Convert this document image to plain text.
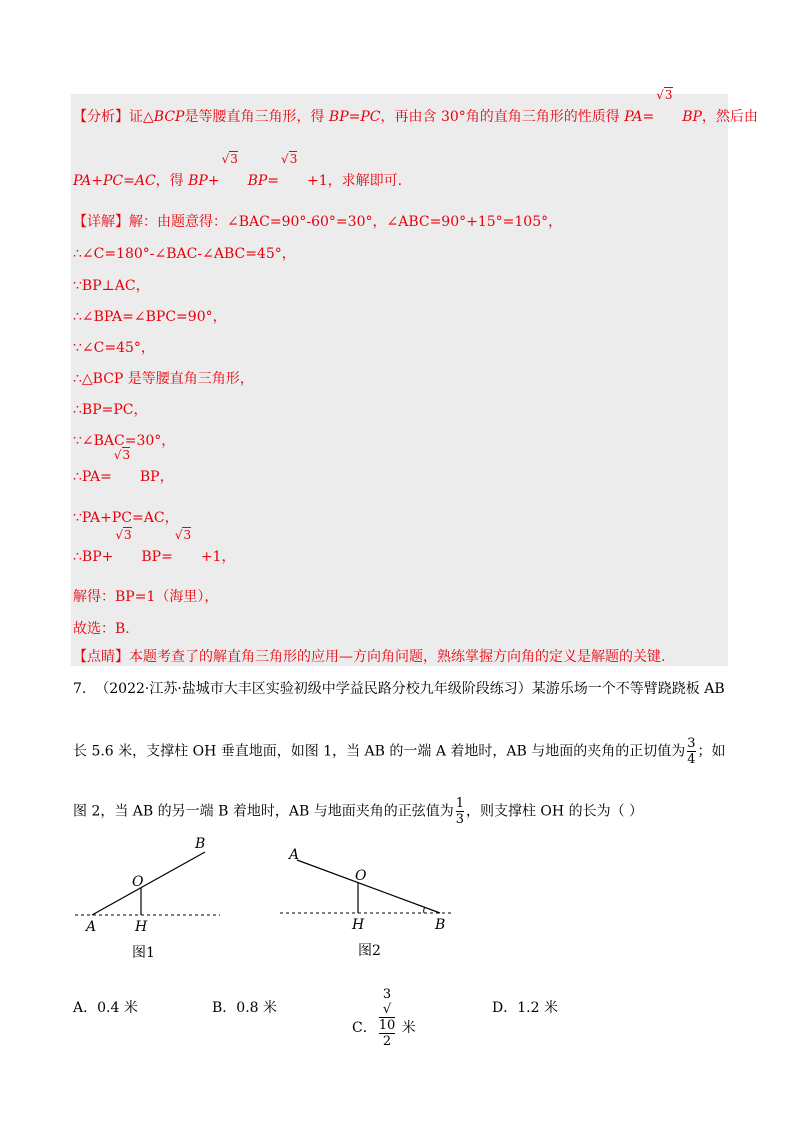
【分析】证△BCP是等腰直角三角形，得 BP=PC，再由含 30°角的直角三角形的性质得 PA=
√3
BP，然后由
PA+PC=AC，得 BP+
√3
BP=
√3
+1，求解即可.
【详解】解：由题意得：∠BAC=90°-60°=30°，∠ABC=90°+15°=105°，
∴∠C=180°-∠BAC-∠ABC=45°，
∵BP⊥AC，
∴∠BPA=∠BPC=90°，
∵∠C=45°，
∴△BCP 是等腰直角三角形，
∴BP=PC，
∵∠BAC=30°，
∴PA=
√3
BP，
∵PA+PC=AC，
∴BP+
√3
BP=
√3
+1，
解得：BP=1（海里），
故选：B.
【点睛】本题考查了的解直角三角形的应用—方向角问题，熟练掌握方向角的定义是解题的关键.
7. （2022·江苏·盐城市大丰区实验初级中学益民路分校九年级阶段练习）某游乐场一个不等臂跷跷板 AB
长 5.6 米，支撑柱 OH 垂直地面，如图 1，当 AB 的一端 A 着地时，AB 与地面的夹角的正切值为 $\frac{3}{4}$ ；如
图 2，当 AB 的另一端 B 着地时，AB 与地面夹角的正弦值为 $\frac{1}{3}$ ，则支撑柱 OH 的长为（ ）
B
O
A	H
图1
A
O
H	B
图2
A．0.4 米	B．0.8 米
C． 3
√
10
2 米
D．1.2 米
